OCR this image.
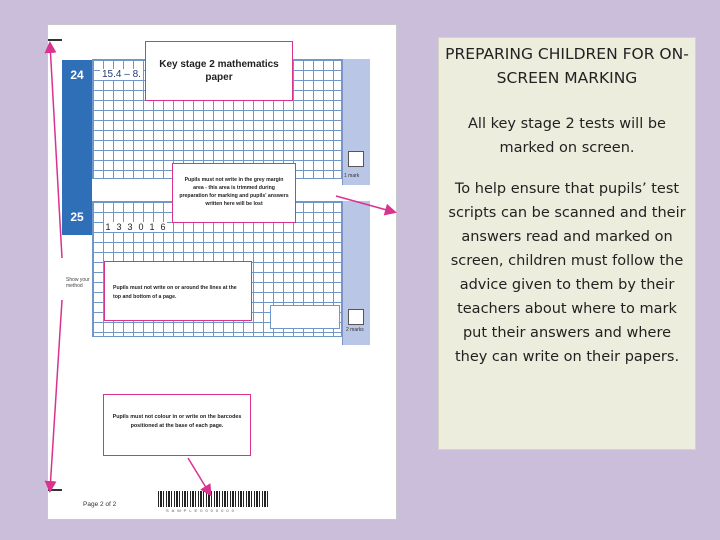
24	15.4 – 8.
1 mark
25
1 3 3 0 1 6
Show your method
2 marks
Key stage 2 mathematics paper
Pupils must not write in the grey margin area - this area is trimmed during preparation for marking and pupils' answers written here will be lost
Pupils must not write on or around the lines at the top and bottom of a page.
Pupils must not colour in or write on the barcodes positioned at the base of each page.
Page 2 of 2
SAMPLE0000000
PREPARING CHILDREN FOR ON-SCREEN MARKING
All key stage 2 tests will be marked on screen.
To help ensure that pupils’ test scripts can be scanned and their answers read and marked on screen, children must follow the advice given to them by their teachers about where to mark put their answers and where they can write on their papers.
